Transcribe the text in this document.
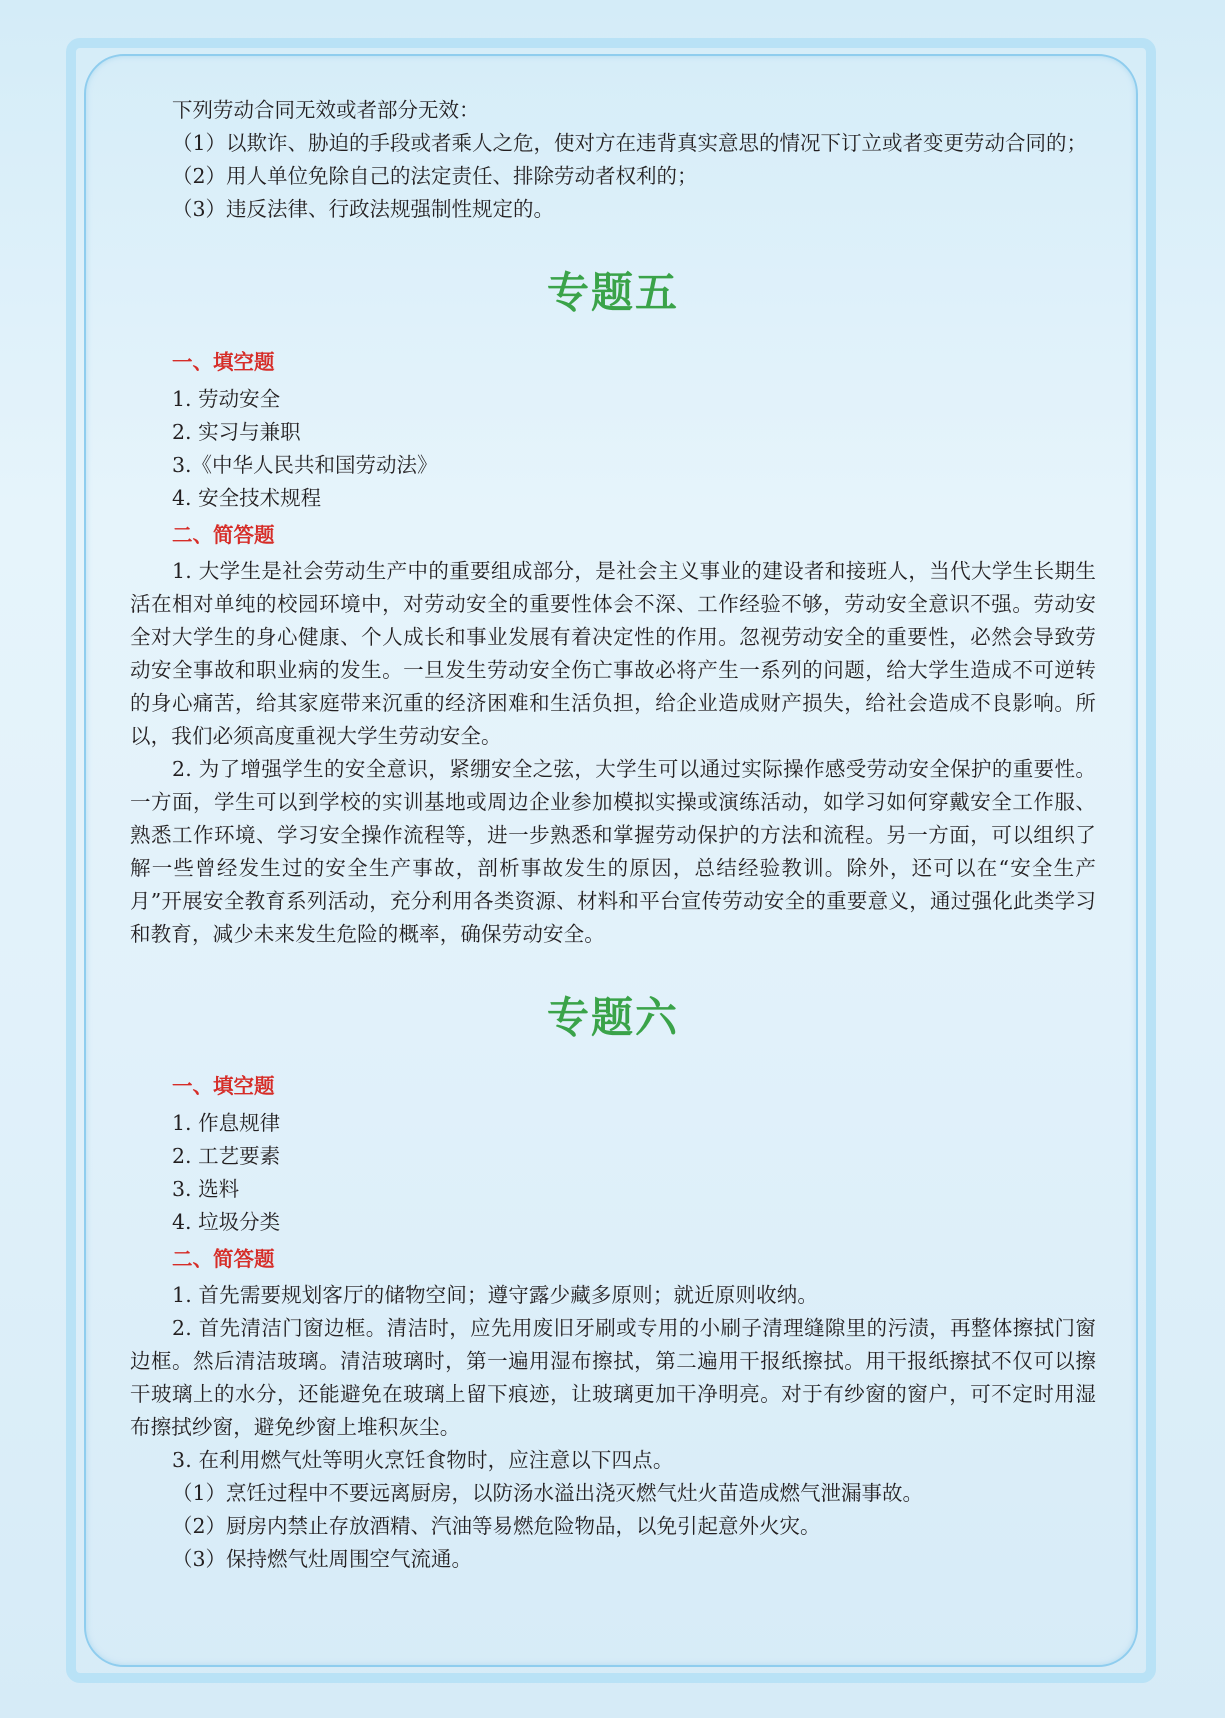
下列劳动合同无效或者部分无效：
（1）以欺诈、胁迫的手段或者乘人之危，使对方在违背真实意思的情况下订立或者变更劳动合同的；
（2）用人单位免除自己的法定责任、排除劳动者权利的；
（3）违反法律、行政法规强制性规定的。
专题五
一、填空题
1. 劳动安全
2. 实习与兼职
3.《中华人民共和国劳动法》
4. 安全技术规程
二、简答题

1. 大学生是社会劳动生产中的重要组成部分，是社会主义事业的建设者和接班人，当代大学生长期生活在相对单纯的校园环境中，对劳动安全的重要性体会不深、工作经验不够，劳动安全意识不强。劳动安全对大学生的身心健康、个人成长和事业发展有着决定性的作用。忽视劳动安全的重要性，必然会导致劳动安全事故和职业病的发生。一旦发生劳动安全伤亡事故必将产生一系列的问题，给大学生造成不可逆转的身心痛苦，给其家庭带来沉重的经济困难和生活负担，给企业造成财产损失，给社会造成不良影响。所以，我们必须高度重视大学生劳动安全。

2. 为了增强学生的安全意识，紧绷安全之弦，大学生可以通过实际操作感受劳动安全保护的重要性。一方面，学生可以到学校的实训基地或周边企业参加模拟实操或演练活动，如学习如何穿戴安全工作服、熟悉工作环境、学习安全操作流程等，进一步熟悉和掌握劳动保护的方法和流程。另一方面，可以组织了解一些曾经发生过的安全生产事故，剖析事故发生的原因，总结经验教训。除外，还可以在“安全生产月”开展安全教育系列活动，充分利用各类资源、材料和平台宣传劳动安全的重要意义，通过强化此类学习和教育，减少未来发生危险的概率，确保劳动安全。

专题六
一、填空题
1. 作息规律
2. 工艺要素
3. 选料
4. 垃圾分类
二、简答题

1. 首先需要规划客厅的储物空间；遵守露少藏多原则；就近原则收纳。

2. 首先清洁门窗边框。清洁时，应先用废旧牙刷或专用的小刷子清理缝隙里的污渍，再整体擦拭门窗边框。然后清洁玻璃。清洁玻璃时，第一遍用湿布擦拭，第二遍用干报纸擦拭。用干报纸擦拭不仅可以擦干玻璃上的水分，还能避免在玻璃上留下痕迹，让玻璃更加干净明亮。对于有纱窗的窗户，可不定时用湿布擦拭纱窗，避免纱窗上堆积灰尘。

3. 在利用燃气灶等明火烹饪食物时，应注意以下四点。

（1）烹饪过程中不要远离厨房，以防汤水溢出浇灭燃气灶火苗造成燃气泄漏事故。
（2）厨房内禁止存放酒精、汽油等易燃危险物品，以免引起意外火灾。
（3）保持燃气灶周围空气流通。
